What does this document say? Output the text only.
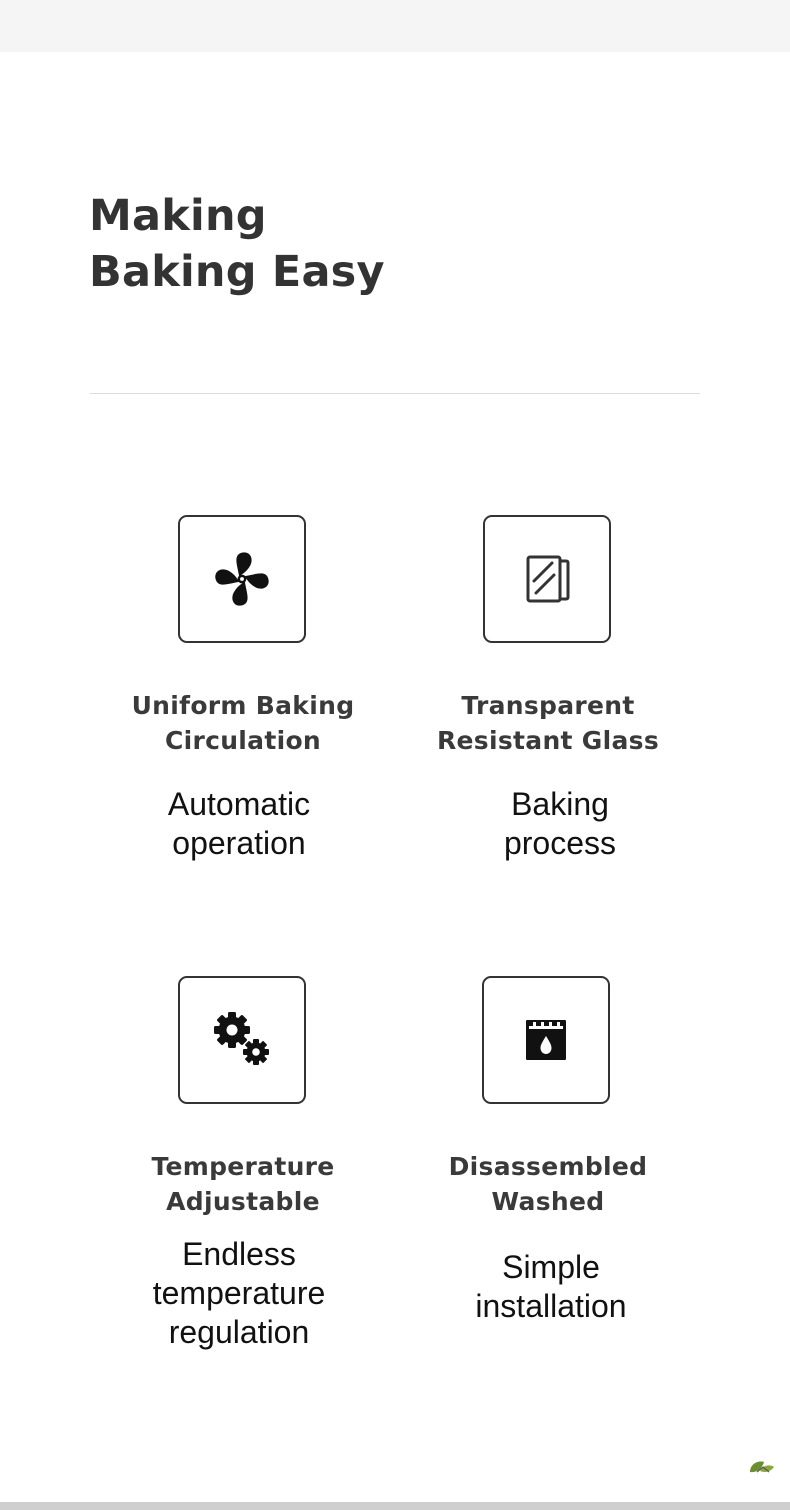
Making
Baking Easy
Uniform Baking
Circulation
Automatic
operation
Transparent
Resistant Glass
Baking
process
Temperature
Adjustable
Endless
temperature
regulation
Disassembled
Washed
Simple
installation
